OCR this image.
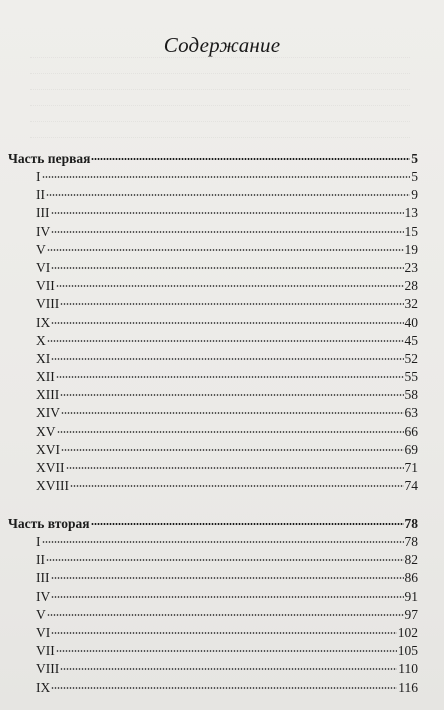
Содержание
Часть первая	5
I	5
II	9
III	13
IV	15
V	19
VI	23
VII	28
VIII	32
IX	40
X	45
XI	52
XII	55
XIII	58
XIV	63
XV	66
XVI	69
XVII	71
XVIII	74
Часть вторая	78
I	78
II	82
III	86
IV	91
V	97
VI	102
VII	105
VIII	110
IX	116
